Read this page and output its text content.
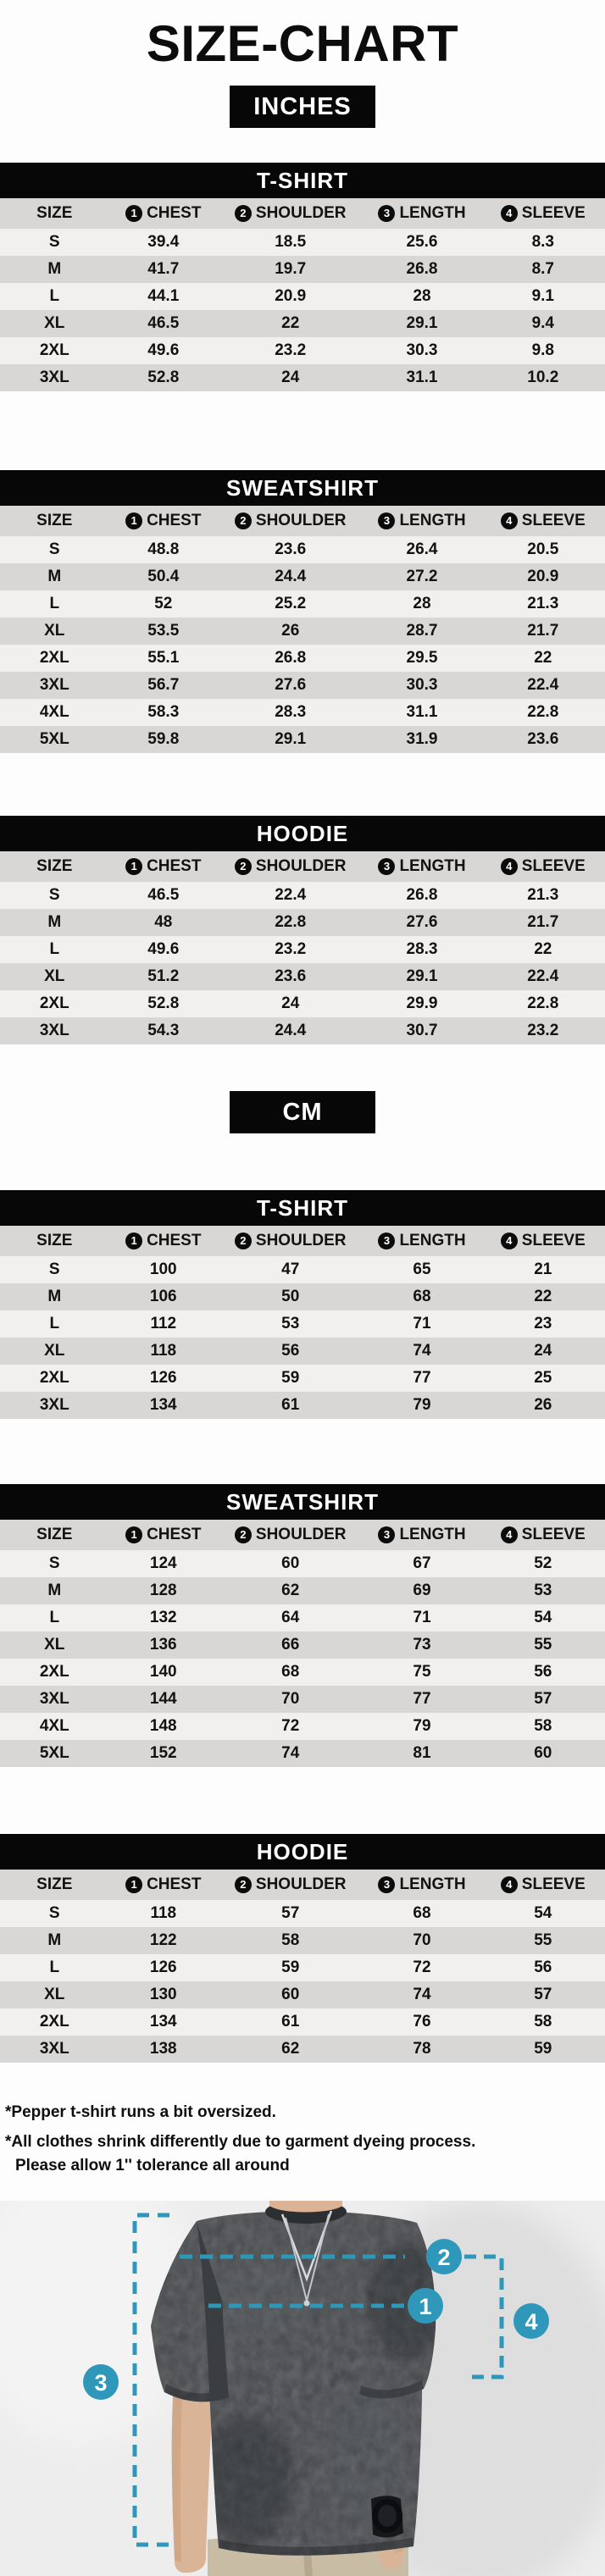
SIZE-CHART
INCHES
T-SHIRT
SIZE	1 CHEST	2 SHOULDER	3 LENGTH	4 SLEEVE
S	39.4	18.5	25.6	8.3
M	41.7	19.7	26.8	8.7
L	44.1	20.9	28	9.1
XL	46.5	22	29.1	9.4
2XL	49.6	23.2	30.3	9.8
3XL	52.8	24	31.1	10.2
SWEATSHIRT
SIZE	1 CHEST	2 SHOULDER	3 LENGTH	4 SLEEVE
S	48.8	23.6	26.4	20.5
M	50.4	24.4	27.2	20.9
L	52	25.2	28	21.3
XL	53.5	26	28.7	21.7
2XL	55.1	26.8	29.5	22
3XL	56.7	27.6	30.3	22.4
4XL	58.3	28.3	31.1	22.8
5XL	59.8	29.1	31.9	23.6
HOODIE
SIZE	1 CHEST	2 SHOULDER	3 LENGTH	4 SLEEVE
S	46.5	22.4	26.8	21.3
M	48	22.8	27.6	21.7
L	49.6	23.2	28.3	22
XL	51.2	23.6	29.1	22.4
2XL	52.8	24	29.9	22.8
3XL	54.3	24.4	30.7	23.2
CM
T-SHIRT
SIZE	1 CHEST	2 SHOULDER	3 LENGTH	4 SLEEVE
S	100	47	65	21
M	106	50	68	22
L	112	53	71	23
XL	118	56	74	24
2XL	126	59	77	25
3XL	134	61	79	26
SWEATSHIRT
SIZE	1 CHEST	2 SHOULDER	3 LENGTH	4 SLEEVE
S	124	60	67	52
M	128	62	69	53
L	132	64	71	54
XL	136	66	73	55
2XL	140	68	75	56
3XL	144	70	77	57
4XL	148	72	79	58
5XL	152	74	81	60
HOODIE
SIZE	1 CHEST	2 SHOULDER	3 LENGTH	4 SLEEVE
S	118	57	68	54
M	122	58	70	55
L	126	59	72	56
XL	130	60	74	57
2XL	134	61	76	58
3XL	138	62	78	59

*Pepper t-shirt runs a bit oversized.

*All clothes shrink differently due to garment dyeing process.

Please allow 1'' tolerance all around

1
2
3
4
